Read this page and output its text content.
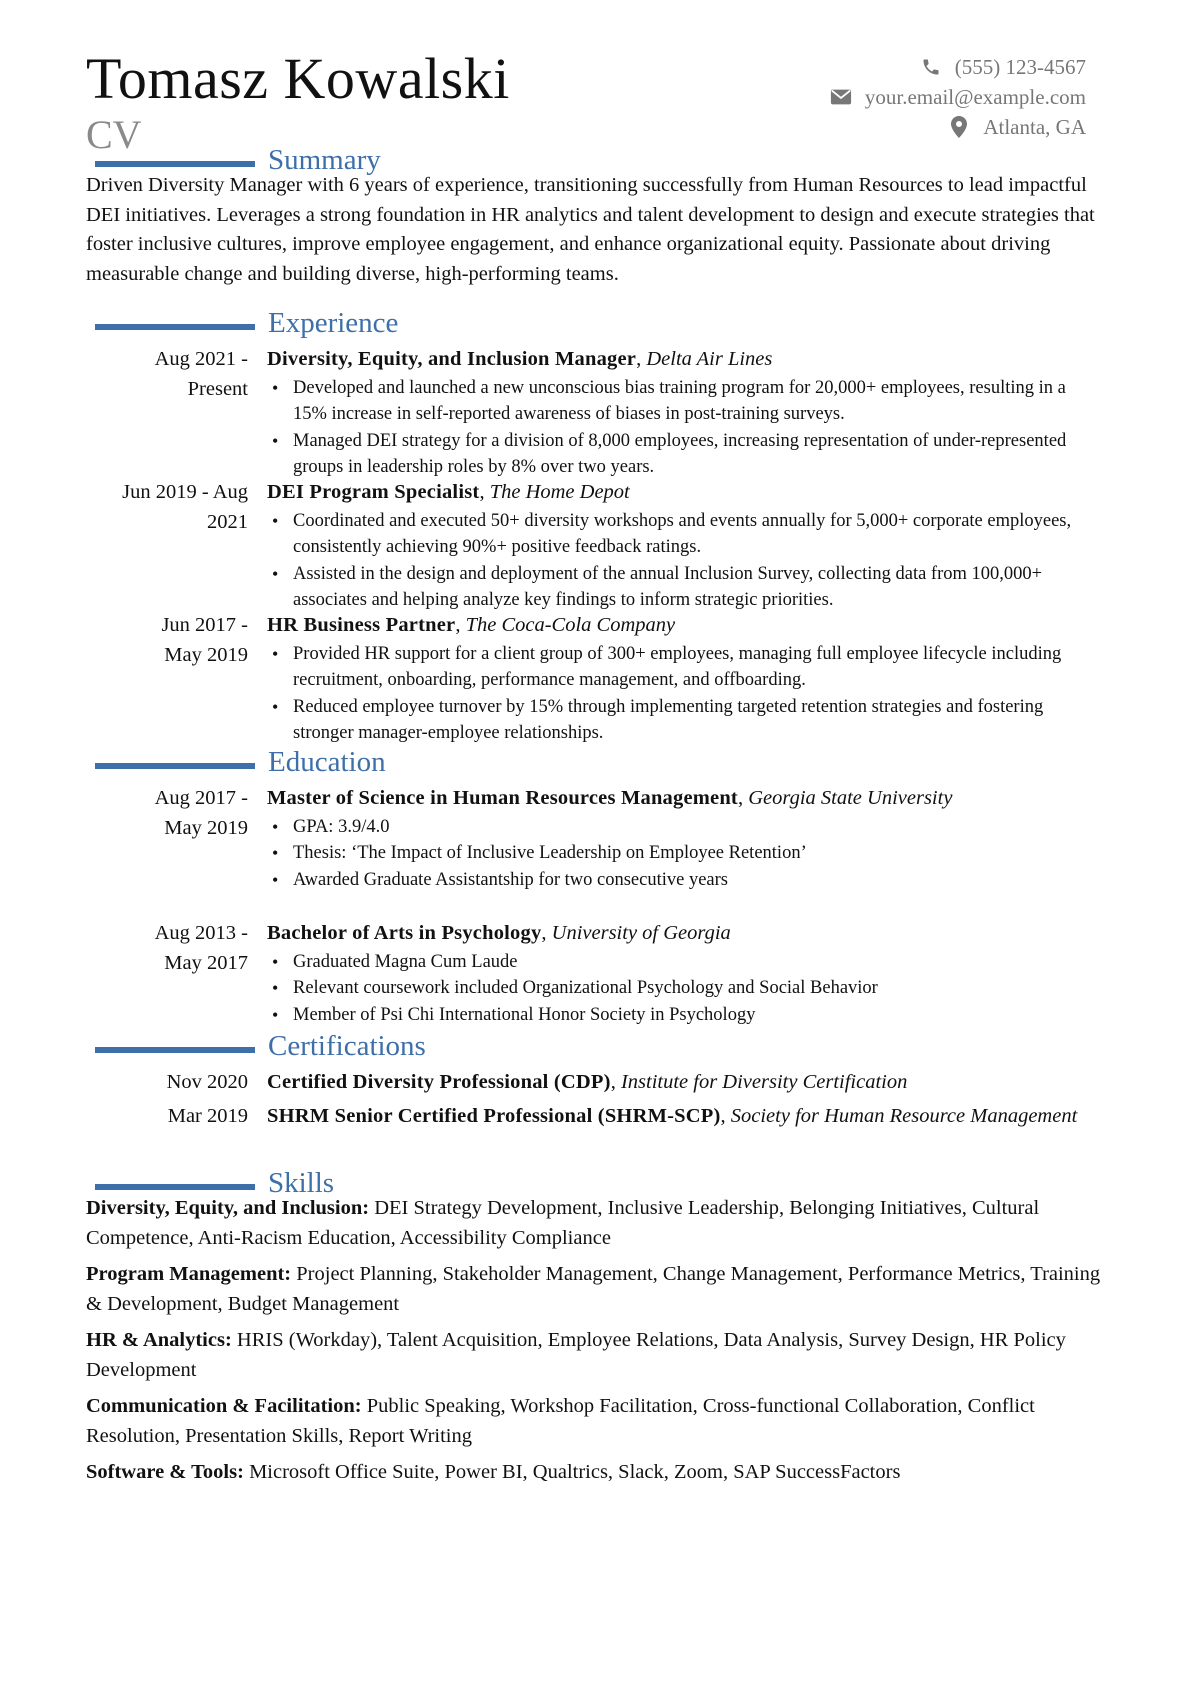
Tomasz Kowalski
CV
(555) 123-4567
your.email@example.com
Atlanta, GA
Summary
Driven Diversity Manager with 6 years of experience, transitioning successfully from Human Resources to lead impactful DEI initiatives. Leverages a strong foundation in HR analytics and talent development to design and execute strategies that foster inclusive cultures, improve employee engagement, and enhance organizational equity. Passionate about driving measurable change and building diverse, high-performing teams.
Experience
Aug 2021 -
Present
Diversity, Equity, and Inclusion Manager, Delta Air Lines
• Developed and launched a new unconscious bias training program for 20,000+ employees, resulting in a 15% increase in self-reported awareness of biases in post-training surveys.
• Managed DEI strategy for a division of 8,000 employees, increasing representation of under-represented groups in leadership roles by 8% over two years.
Jun 2019 - Aug
2021
DEI Program Specialist, The Home Depot
• Coordinated and executed 50+ diversity workshops and events annually for 5,000+ corporate employees, consistently achieving 90%+ positive feedback ratings.
• Assisted in the design and deployment of the annual Inclusion Survey, collecting data from 100,000+ associates and helping analyze key findings to inform strategic priorities.
Jun 2017 -
May 2019
HR Business Partner, The Coca-Cola Company
• Provided HR support for a client group of 300+ employees, managing full employee lifecycle including recruitment, onboarding, performance management, and offboarding.
• Reduced employee turnover by 15% through implementing targeted retention strategies and fostering stronger manager-employee relationships.
Education
Aug 2017 -
May 2019
Master of Science in Human Resources Management, Georgia State University
• GPA: 3.9/4.0
• Thesis: ‘The Impact of Inclusive Leadership on Employee Retention’
• Awarded Graduate Assistantship for two consecutive years
Aug 2013 -
May 2017
Bachelor of Arts in Psychology, University of Georgia
• Graduated Magna Cum Laude
• Relevant coursework included Organizational Psychology and Social Behavior
• Member of Psi Chi International Honor Society in Psychology
Certifications
Nov 2020 Certified Diversity Professional (CDP), Institute for Diversity Certification
Mar 2019 SHRM Senior Certified Professional (SHRM-SCP), Society for Human Resource Management
Skills
Diversity, Equity, and Inclusion: DEI Strategy Development, Inclusive Leadership, Belonging Initiatives, Cultural Competence, Anti-Racism Education, Accessibility Compliance
Program Management: Project Planning, Stakeholder Management, Change Management, Performance Metrics, Training & Development, Budget Management
HR & Analytics: HRIS (Workday), Talent Acquisition, Employee Relations, Data Analysis, Survey Design, HR Policy Development
Communication & Facilitation: Public Speaking, Workshop Facilitation, Cross-functional Collaboration, Conflict Resolution, Presentation Skills, Report Writing
Software & Tools: Microsoft Office Suite, Power BI, Qualtrics, Slack, Zoom, SAP SuccessFactors
